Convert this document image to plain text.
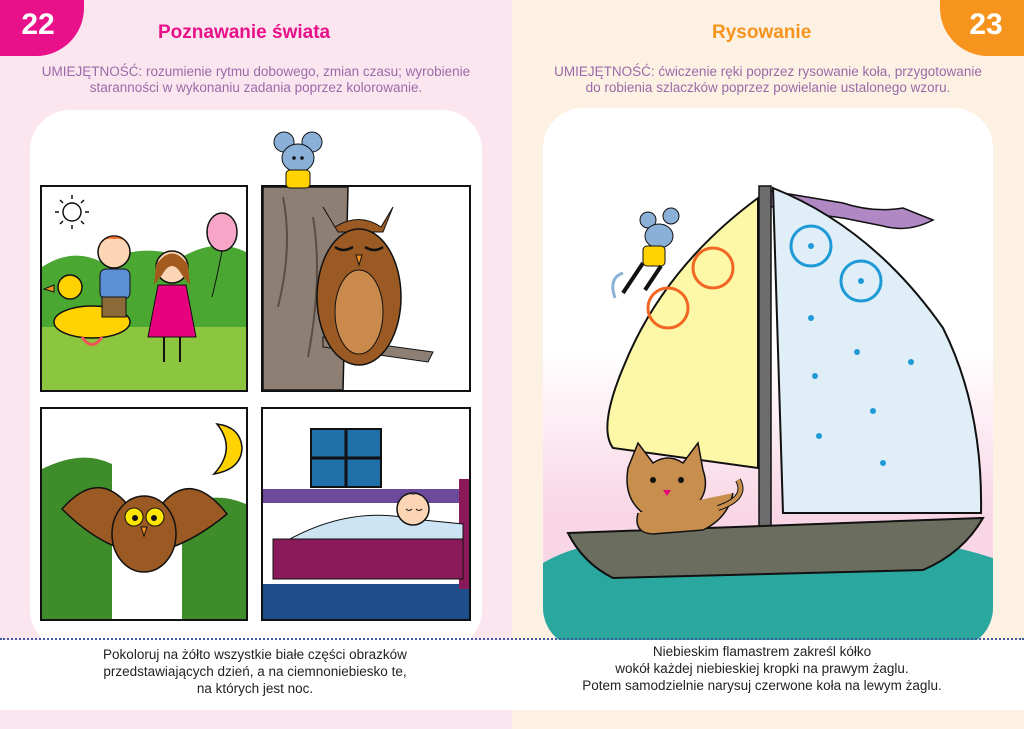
22	Poznawanie świata
UMIEJĘTNOŚĆ: rozumienie rytmu dobowego, zmian czasu; wyrobienie
staranności w wykonaniu zadania poprzez kolorowanie.
23
Rysowanie
UMIEJĘTNOŚĆ: ćwiczenie ręki poprzez rysowanie koła, przygotowanie
do robienia szlaczków poprzez powielanie ustalonego wzoru.
Pokoloruj na żółto wszystkie białe części obrazków
przedstawiających dzień, a na ciemnoniebiesko te,
na których jest noc.
Niebieskim flamastrem zakreśl kółko
wokół każdej niebieskiej kropki na prawym żaglu.
Potem samodzielnie narysuj czerwone koła na lewym żaglu.
